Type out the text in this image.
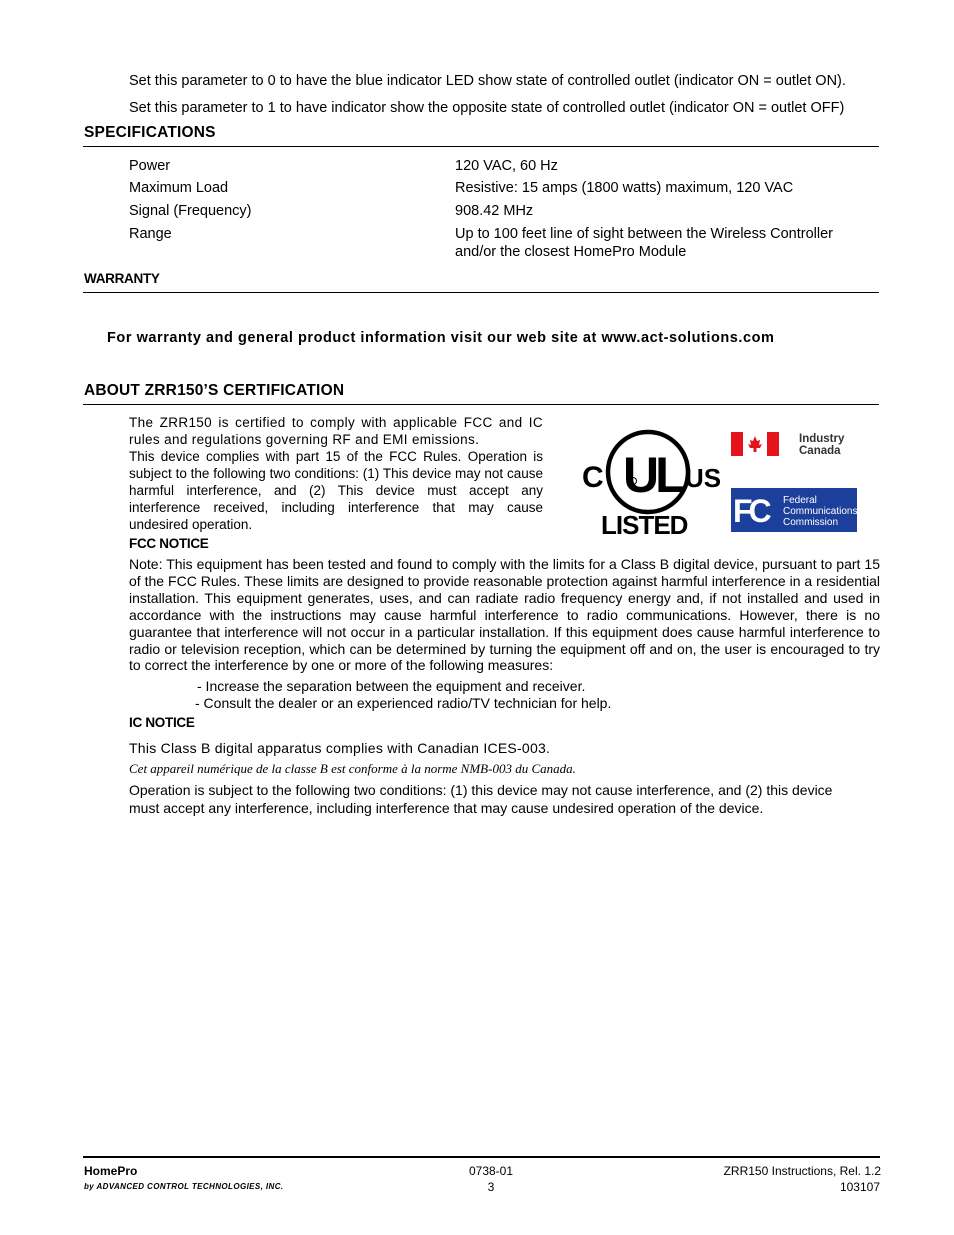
Set this parameter to 0 to have the blue indicator LED show state of controlled outlet (indicator ON = outlet ON).
Set this parameter to 1 to have indicator show the opposite state of controlled outlet (indicator ON = outlet OFF)
SPECIFICATIONS
Power	120 VAC, 60 Hz
Maximum Load	Resistive: 15 amps (1800 watts) maximum, 120 VAC
Signal (Frequency)	908.42 MHz
Range	Up to 100 feet line of sight between the Wireless Controller
and/or the closest HomePro Module
WARRANTY
For warranty and general product information visit our web site at www.act-solutions.com
ABOUT ZRR150’S CERTIFICATION
The ZRR150 is certified to comply with applicable FCC and IC rules and regulations governing RF and EMI emissions.
This device complies with part 15 of the FCC Rules. Operation is subject to the following two conditions: (1) This device may not cause harmful interference, and (2) This device must accept any interference received, including interference that may cause undesired operation.
C	US
UL
LISTED
Industry
Canada
FC	Federal
Communications
Commission
FCC NOTICE
Note: This equipment has been tested and found to comply with the limits for a Class B digital device, pursuant to part 15 of the FCC Rules. These limits are designed to provide reasonable protection against harmful interference in a residential installation. This equipment generates, uses, and can radiate radio frequency energy and, if not installed and used in accordance with the instructions may cause harmful interference to radio communications. However, there is no guarantee that interference will not occur in a particular installation. If this equipment does cause harmful interference to radio or television reception, which can be determined by turning the equipment off and on, the user is encouraged to try to correct the interference by one or more of the following measures:
- Increase the separation between the equipment and receiver.
- Consult the dealer or an experienced radio/TV technician for help.
IC NOTICE
This Class B digital apparatus complies with Canadian ICES-003.
Cet appareil numérique de la classe B est conforme à la norme NMB-003 du Canada.
Operation is subject to the following two conditions: (1) this device may not cause interference, and (2) this device must accept any interference, including interference that may cause undesired operation of the device.
HomePro
by ADVANCED CONTROL TECHNOLOGIES, INC.
0738-01
3
ZRR150 Instructions, Rel. 1.2
103107
